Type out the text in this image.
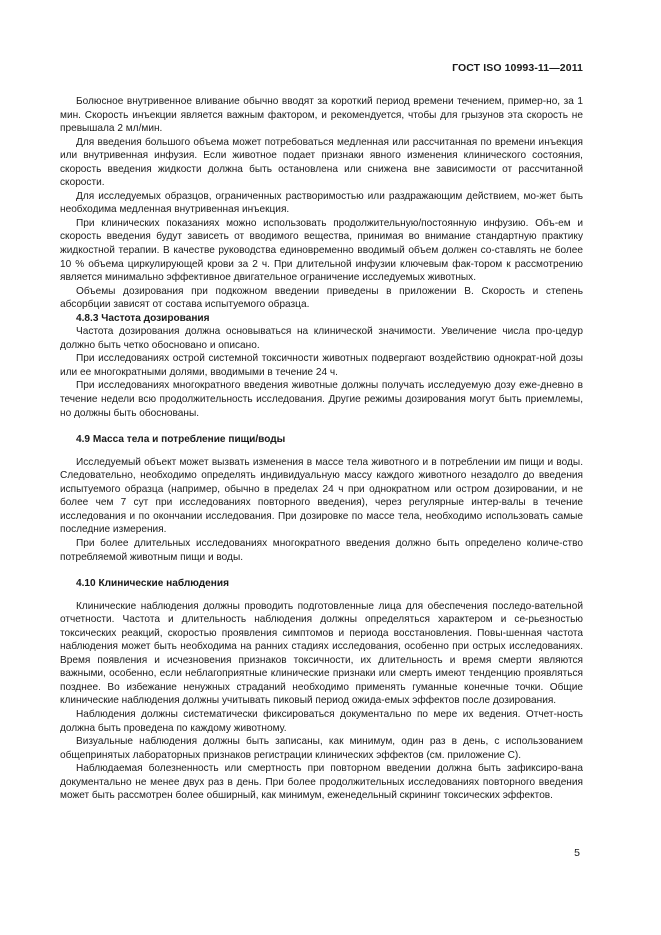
ГОСТ ISO 10993-11—2011

Болюсное внутривенное вливание обычно вводят за короткий период времени течением, пример-но, за 1 мин. Скорость инъекции является важным фактором, и рекомендуется, чтобы для грызунов эта скорость не превышала 2 мл/мин.

Для введения большого объема может потребоваться медленная или рассчитанная по времени инъекция или внутривенная инфузия. Если животное подает признаки явного изменения клинического состояния, скорость введения жидкости должна быть остановлена или снижена вне зависимости от рассчитанной скорости.

Для исследуемых образцов, ограниченных растворимостью или раздражающим действием, мо-жет быть необходима медленная внутривенная инъекция.

При клинических показаниях можно использовать продолжительную/постоянную инфузию. Объ-ем и скорость введения будут зависеть от вводимого вещества, принимая во внимание стандартную практику жидкостной терапии. В качестве руководства единовременно вводимый объем должен со-ставлять не более 10 % объема циркулирующей крови за 2 ч. При длительной инфузии ключевым фак-тором к рассмотрению является минимально эффективное двигательное ограничение исследуемых животных.

Объемы дозирования при подкожном введении приведены в приложении В. Скорость и степень абсорбции зависят от состава испытуемого образца.

4.8.3 Частота дозирования

Частота дозирования должна основываться на клинической значимости. Увеличение числа про-цедур должно быть четко обосновано и описано.

При исследованиях острой системной токсичности животных подвергают воздействию однократ-ной дозы или ее многократными долями, вводимыми в течение 24 ч.

При исследованиях многократного введения животные должны получать исследуемую дозу еже-дневно в течение недели всю продолжительность исследования. Другие режимы дозирования могут быть приемлемы, но должны быть обоснованы.

4.9 Масса тела и потребление пищи/воды

Исследуемый объект может вызвать изменения в массе тела животного и в потреблении им пищи и воды. Следовательно, необходимо определять индивидуальную массу каждого животного незадолго до введения испытуемого образца (например, обычно в пределах 24 ч при однократном или остром дозировании, и не более чем 7 сут при исследованиях повторного введения), через регулярные интер-валы в течение исследования и по окончании исследования. При дозировке по массе тела, необходимо использовать самые последние измерения.

При более длительных исследованиях многократного введения должно быть определено количе-ство потребляемой животным пищи и воды.

4.10 Клинические наблюдения

Клинические наблюдения должны проводить подготовленные лица для обеспечения последо-вательной отчетности. Частота и длительность наблюдения должны определяться характером и се-рьезностью токсических реакций, скоростью проявления симптомов и периода восстановления. Повы-шенная частота наблюдения может быть необходима на ранних стадиях исследования, особенно при острых исследованиях. Время появления и исчезновения признаков токсичности, их длительность и время смерти являются важными, особенно, если неблагоприятные клинические признаки или смерть имеют тенденцию проявляться позднее. Во избежание ненужных страданий необходимо применять гуманные конечные точки. Общие клинические наблюдения должны учитывать пиковый период ожида-емых эффектов после дозирования.

Наблюдения должны систематически фиксироваться документально по мере их ведения. Отчет-ность должна быть проведена по каждому животному.

Визуальные наблюдения должны быть записаны, как минимум, один раз в день, с использованием общепринятых лабораторных признаков регистрации клинических эффектов (см. приложение С).

Наблюдаемая болезненность или смертность при повторном введении должна быть зафиксиро-вана документально не менее двух раз в день. При более продолжительных исследованиях повторного введения может быть рассмотрен более обширный, как минимум, еженедельный скрининг токсических эффектов.

5
